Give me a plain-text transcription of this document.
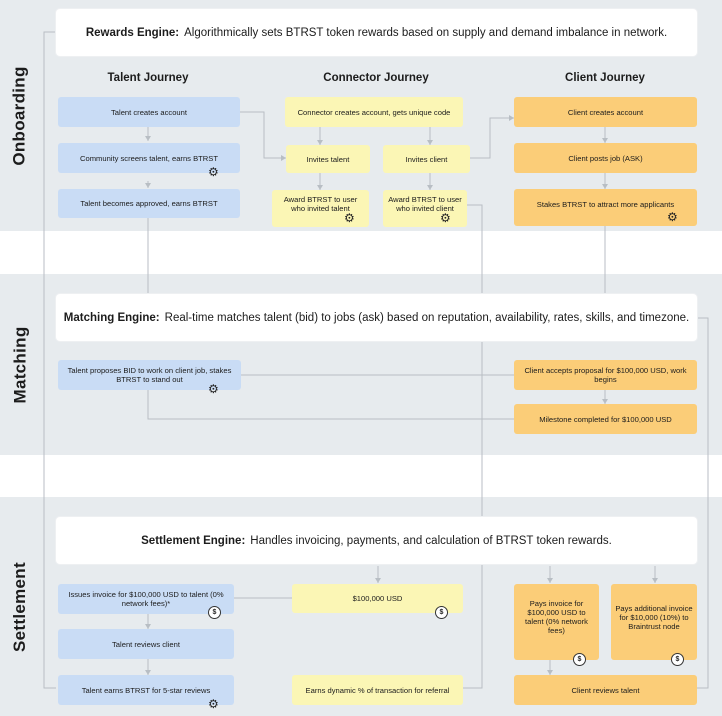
Onboarding
Matching
Settlement
Rewards Engine: Algorithmically sets BTRST token rewards based on supply and demand imbalance in network.
Matching Engine: Real-time matches talent (bid) to jobs (ask) based on reputation, availability, rates, skills, and timezone.
Settlement Engine: Handles invoicing, payments, and calculation of BTRST token rewards.
Talent Journey	Connector Journey	Client Journey
Talent creates account
Community screens talent, earns BTRST
⚙
Talent becomes approved, earns BTRST
Connector creates account, gets unique code
Invites talent	Invites client
Award BTRST to user who invited talent
⚙
Award BTRST to user who invited client
⚙
Client creates account
Client posts job (ASK)
Stakes BTRST to attract more applicants
⚙
Talent proposes BID to work on client job, stakes BTRST to stand out
⚙
Client accepts proposal for $100,000 USD, work begins
Milestone completed for $100,000 USD
Issues invoice for $100,000 USD to talent (0% network fees)*
$
Talent reviews client
Talent earns BTRST for 5-star reviews
⚙
$100,000 USD
$
Earns dynamic % of transaction for referral
Pays invoice for $100,000 USD to talent (0% network fees)
$
Pays additional invoice for $10,000 (10%) to Braintrust node
$
Client reviews talent
